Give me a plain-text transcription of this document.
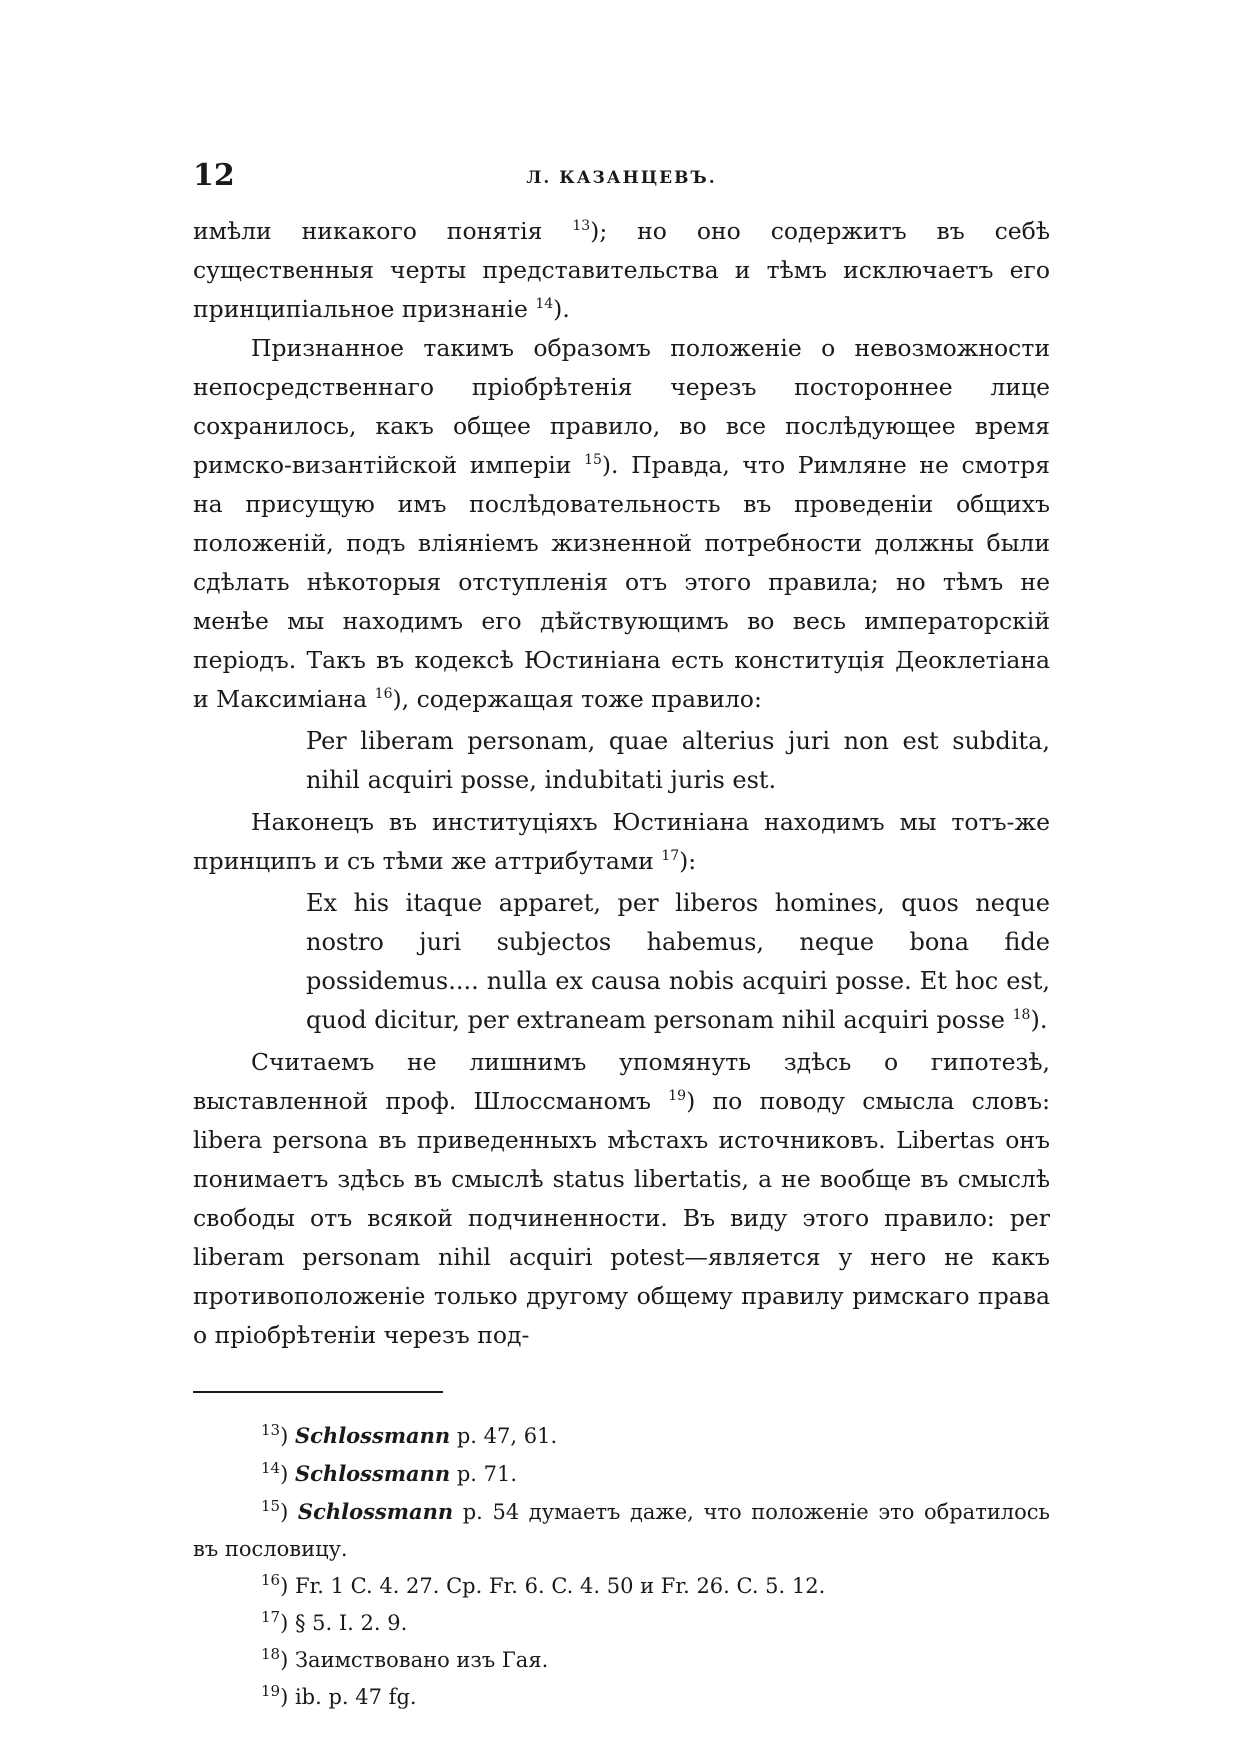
12	Л. КАЗАНЦЕВЪ.

имѣли никакого понятія $^{13}$); но оно содержитъ въ себѣ существенныя черты представительства и тѣмъ исключаетъ его принципіальное признаніе $^{14}$).

Признанное такимъ образомъ положеніе о невозможности непосредственнаго пріобрѣтенія черезъ постороннее лице сохранилось, какъ общее правило, во все послѣдующее время римско-византійской имперіи $^{15}$). Правда, что Римляне не смотря на присущую имъ послѣдовательность въ проведеніи общихъ положеній, подъ вліяніемъ жизненной потребности должны были сдѣлать нѣкоторыя отступленія отъ этого правила; но тѣмъ не менѣе мы находимъ его дѣйствующимъ во весь императорскій періодъ. Такъ въ кодексѣ Юстиніана есть конституція Деоклетіана и Максиміана $^{16}$), содержащая тоже правило:

Per liberam personam, quae alterius juri non est subdita, nihil acquiri posse, indubitati juris est.

Наконецъ въ институціяхъ Юстиніана находимъ мы тотъ-же принципъ и съ тѣми же аттрибутами $^{17}$):

Ex his itaque apparet, per liberos homines, quos neque nostro juri subjectos habemus, neque bona fide possidemus.... nulla ex causa nobis acquiri posse. Et hoc est, quod dicitur, per extraneam personam nihil acquiri posse $^{18}$).

Считаемъ не лишнимъ упомянуть здѣсь о гипотезѣ, выставленной проф. Шлоссманомъ $^{19}$) по поводу смысла словъ: libera persona въ приведенныхъ мѣстахъ источниковъ. Libertas онъ понимаетъ здѣсь въ смыслѣ status libertatis, а не вообще въ смыслѣ свободы отъ всякой подчиненности. Въ виду этого правило: per liberam personam nihil acquiri potest—является у него не какъ противоположеніе только другому общему правилу римскаго права о пріобрѣтеніи черезъ под-

$^{13}$) Schlossmann p. 47, 61.

$^{14}$) Schlossmann p. 71.

$^{15}$) Schlossmann p. 54 думаетъ даже, что положеніе это обратилось въ пословицу.

$^{16}$) Fr. 1 C. 4. 27. Cp. Fr. 6. C. 4. 50 и Fr. 26. C. 5. 12.

$^{17}$) § 5. I. 2. 9.

$^{18}$) Заимствовано изъ Гая.

$^{19}$) ib. p. 47 fg.
